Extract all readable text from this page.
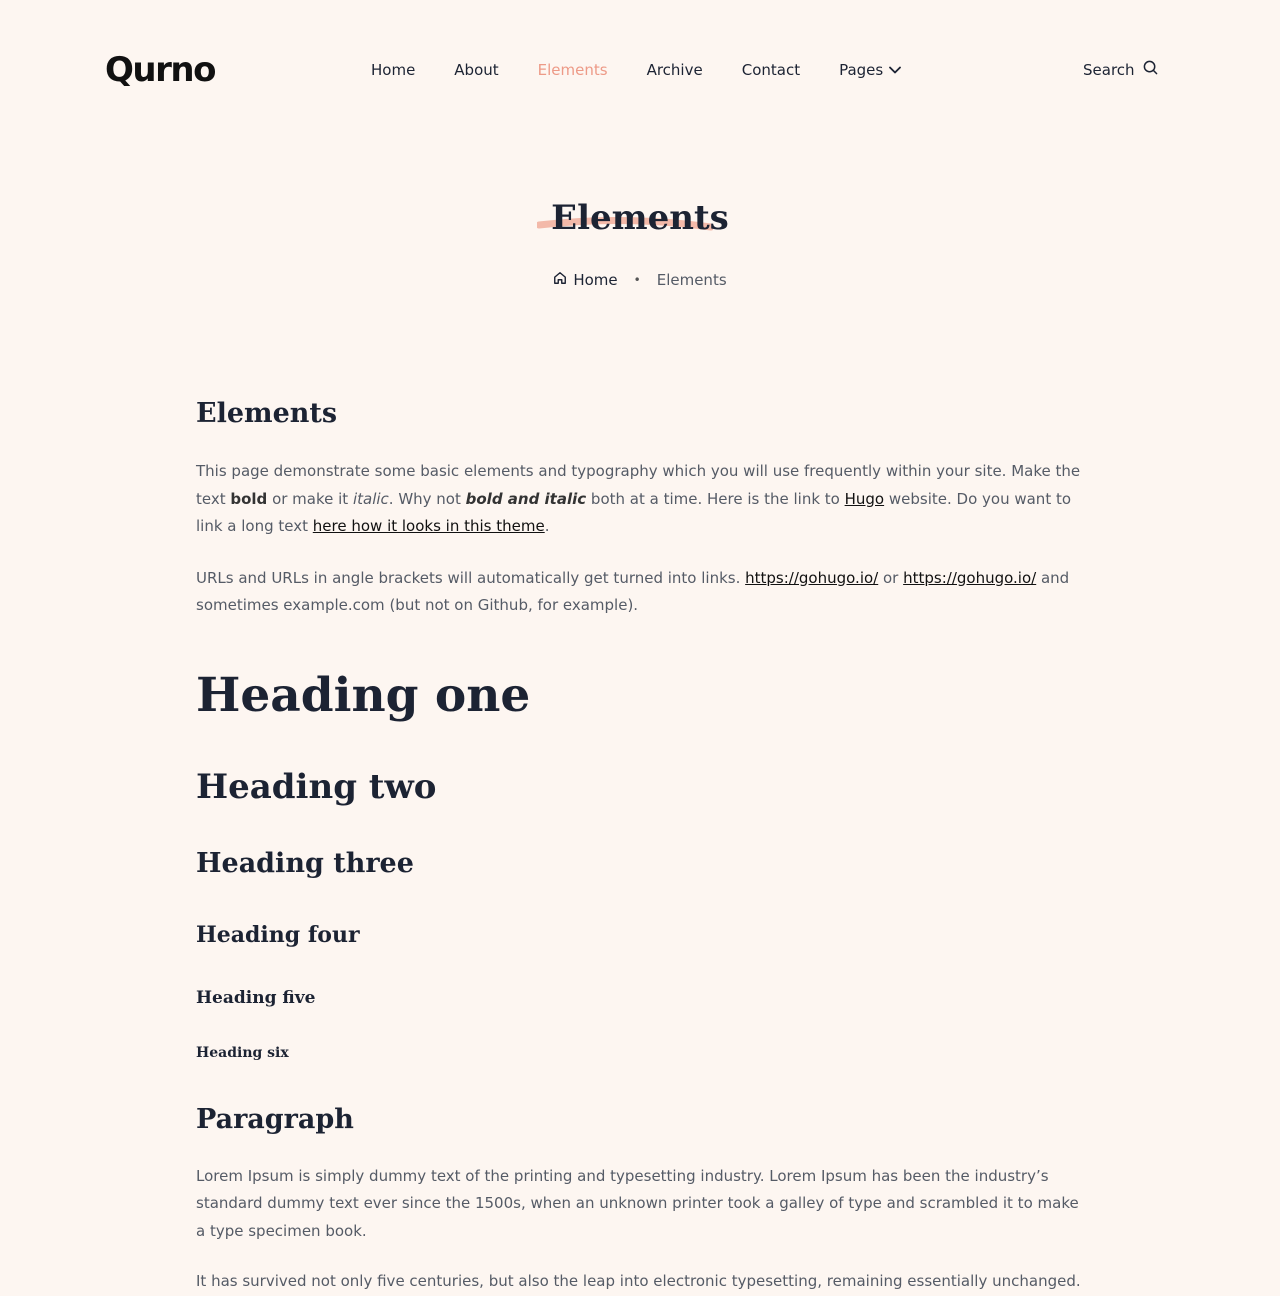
Qurno	Home	About	Elements	Archive	Contact	Pages	Search
Elements
Home • Elements
Elements

This page demonstrate some basic elements and typography which you will use frequently within your site. Make the text bold or make it italic. Why not bold and italic both at a time. Here is the link to Hugo website. Do you want to link a long text here how it looks in this theme.

URLs and URLs in angle brackets will automatically get turned into links. https://gohugo.io/ or https://gohugo.io/ and sometimes example.com (but not on Github, for example).

Heading one
Heading two
Heading three
Heading four
Heading five
Heading six
Paragraph

Lorem Ipsum is simply dummy text of the printing and typesetting industry. Lorem Ipsum has been the industry’s standard dummy text ever since the 1500s, when an unknown printer took a galley of type and scrambled it to make a type specimen book.

It has survived not only five centuries, but also the leap into electronic typesetting, remaining essentially unchanged.
